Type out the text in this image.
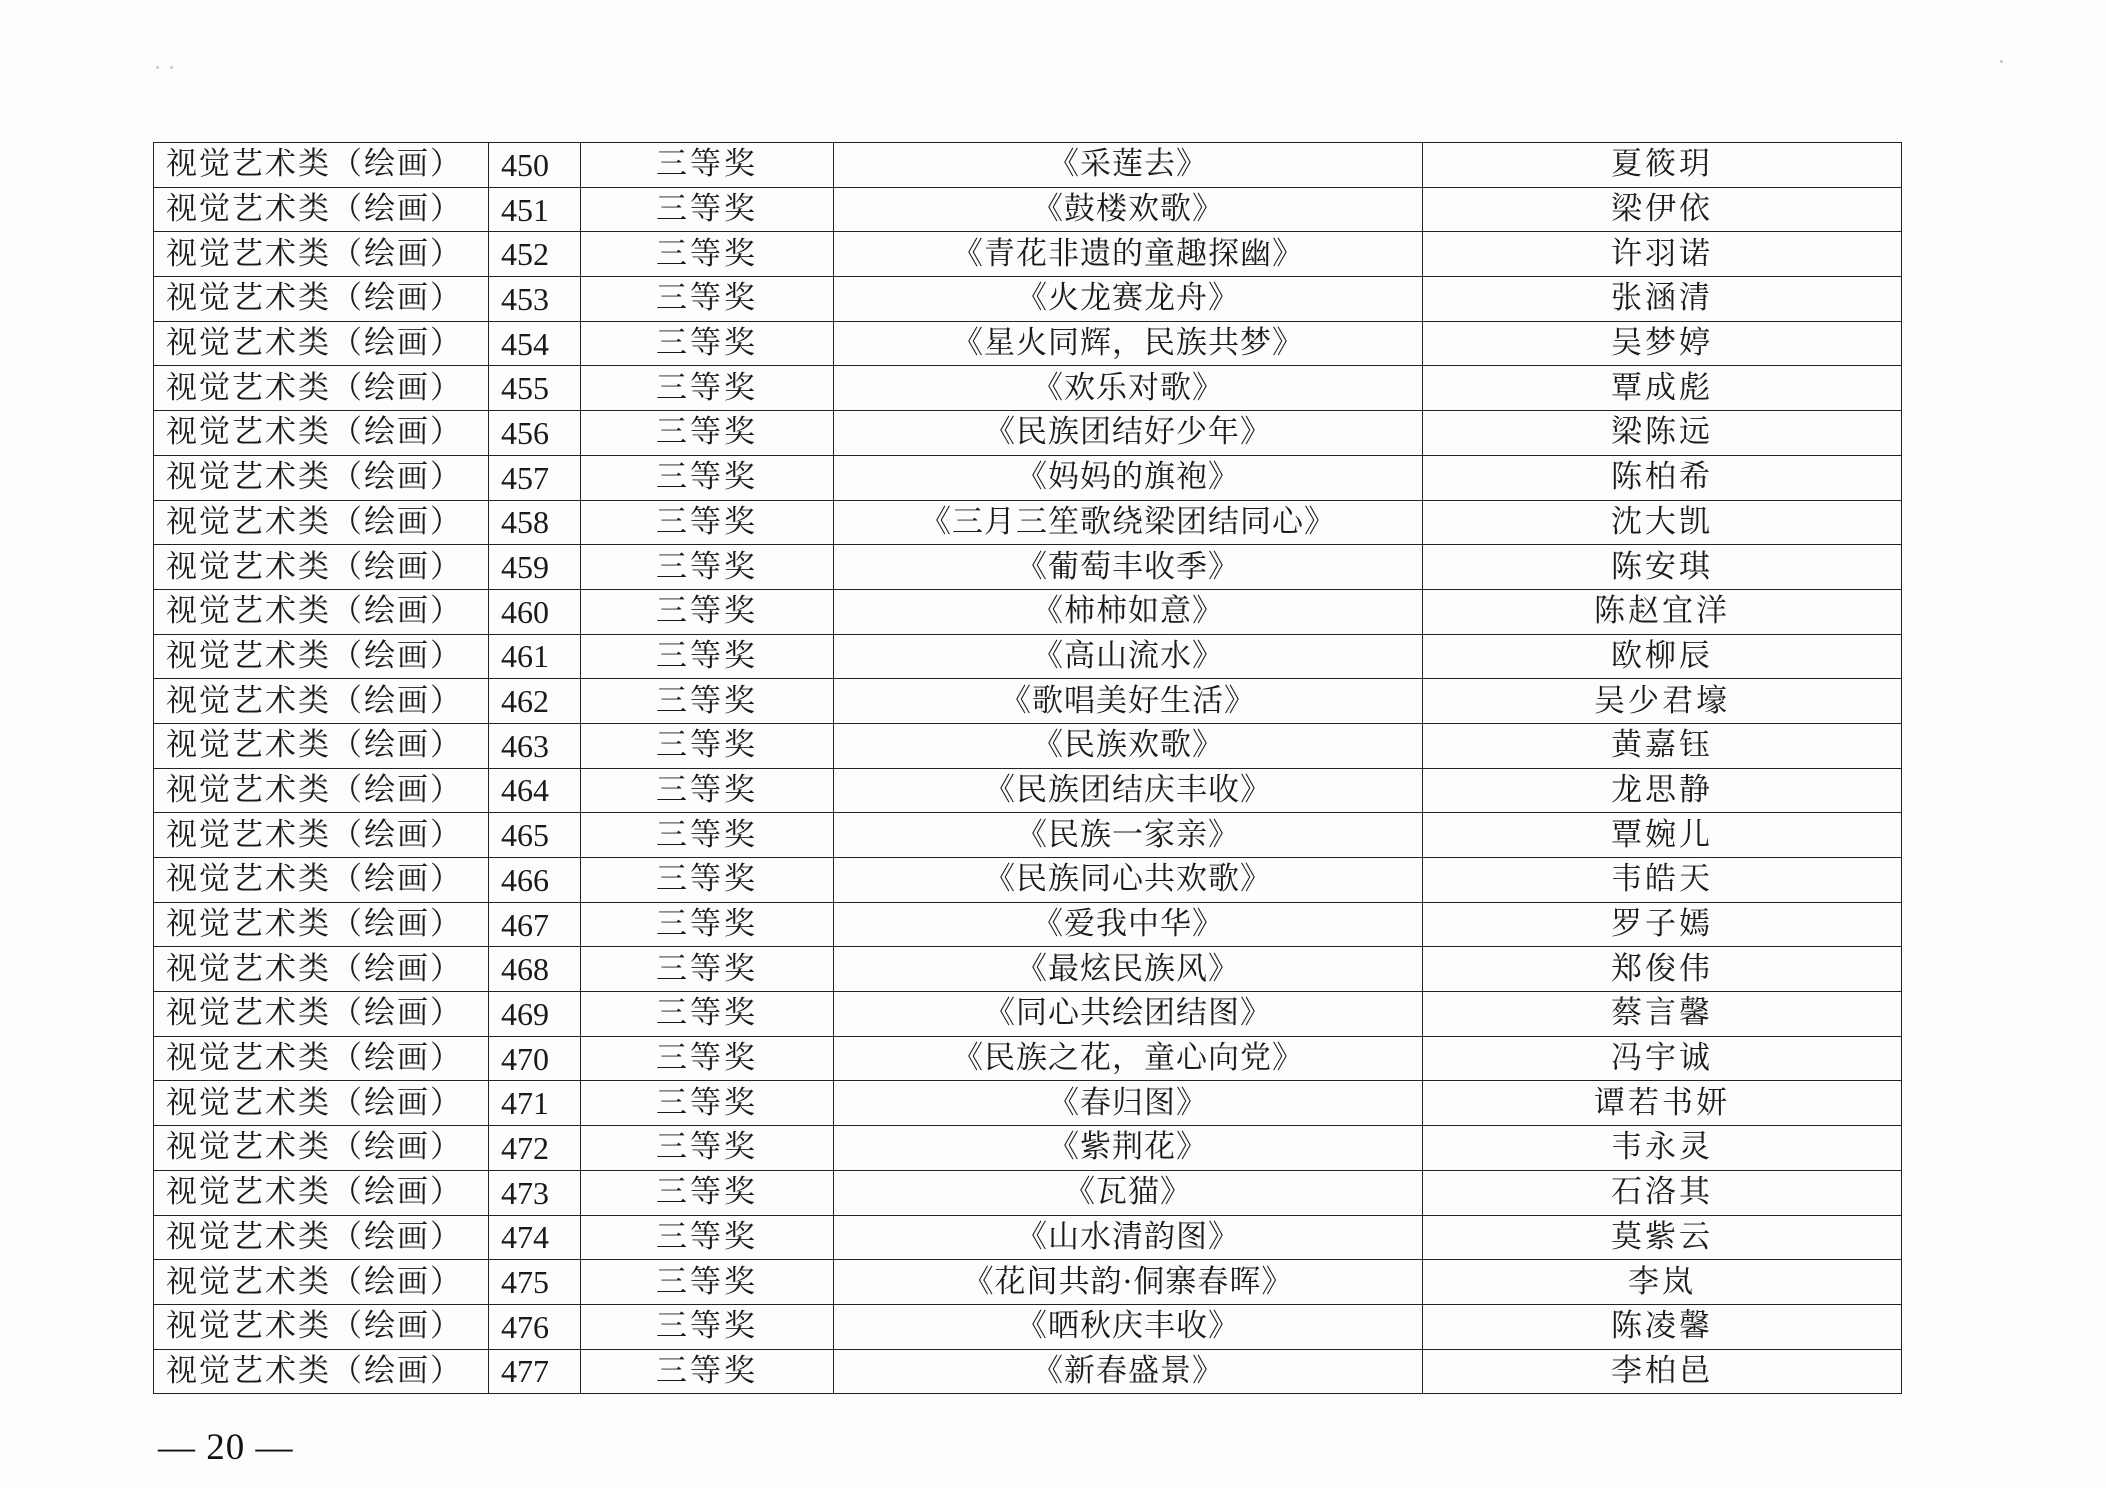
视觉艺术类（绘画）	450	三等奖	《采莲去》	夏筱玥
视觉艺术类（绘画）	451	三等奖	《鼓楼欢歌》	梁伊依
视觉艺术类（绘画）	452	三等奖	《青花非遗的童趣探幽》	许羽诺
视觉艺术类（绘画）	453	三等奖	《火龙赛龙舟》	张涵清
视觉艺术类（绘画）	454	三等奖	《星火同辉，民族共梦》	吴梦婷
视觉艺术类（绘画）	455	三等奖	《欢乐对歌》	覃成彪
视觉艺术类（绘画）	456	三等奖	《民族团结好少年》	梁陈远
视觉艺术类（绘画）	457	三等奖	《妈妈的旗袍》	陈柏希
视觉艺术类（绘画）	458	三等奖	《三月三笙歌绕梁团结同心》	沈大凯
视觉艺术类（绘画）	459	三等奖	《葡萄丰收季》	陈安琪
视觉艺术类（绘画）	460	三等奖	《柿柿如意》	陈赵宜洋
视觉艺术类（绘画）	461	三等奖	《高山流水》	欧柳辰
视觉艺术类（绘画）	462	三等奖	《歌唱美好生活》	吴少君壕
视觉艺术类（绘画）	463	三等奖	《民族欢歌》	黄嘉钰
视觉艺术类（绘画）	464	三等奖	《民族团结庆丰收》	龙思静
视觉艺术类（绘画）	465	三等奖	《民族一家亲》	覃婉儿
视觉艺术类（绘画）	466	三等奖	《民族同心共欢歌》	韦皓天
视觉艺术类（绘画）	467	三等奖	《爱我中华》	罗子嫣
视觉艺术类（绘画）	468	三等奖	《最炫民族风》	郑俊伟
视觉艺术类（绘画）	469	三等奖	《同心共绘团结图》	蔡言馨
视觉艺术类（绘画）	470	三等奖	《民族之花，童心向党》	冯宇诚
视觉艺术类（绘画）	471	三等奖	《春归图》	谭若书妍
视觉艺术类（绘画）	472	三等奖	《紫荆花》	韦永灵
视觉艺术类（绘画）	473	三等奖	《瓦猫》	石洛其
视觉艺术类（绘画）	474	三等奖	《山水清韵图》	莫紫云
视觉艺术类（绘画）	475	三等奖	《花间共韵·侗寨春晖》	李岚
视觉艺术类（绘画）	476	三等奖	《晒秋庆丰收》	陈凌馨
视觉艺术类（绘画）	477	三等奖	《新春盛景》	李柏邑
— 20 —
